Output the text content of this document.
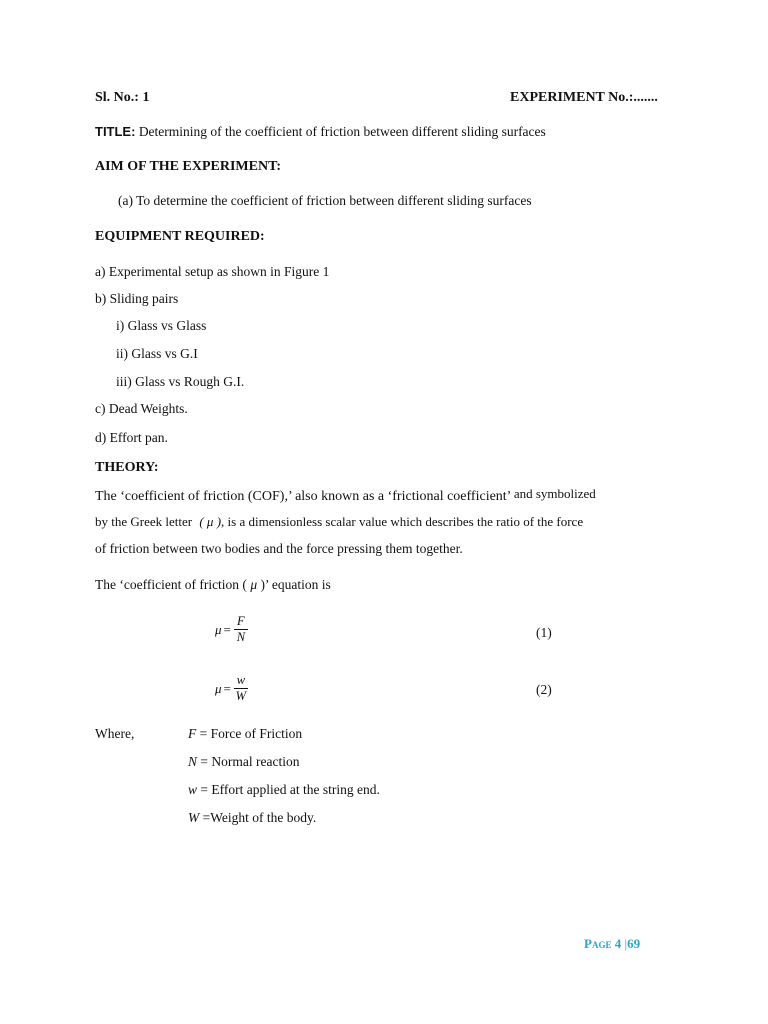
Sl. No.: 1	EXPERIMENT No.:.......
TITLE: Determining of the coefficient of friction between different sliding surfaces
AIM OF THE EXPERIMENT:
(a) To determine the coefficient of friction between different sliding surfaces
EQUIPMENT REQUIRED:
a) Experimental setup as shown in Figure 1
b) Sliding pairs
i) Glass vs Glass
ii) Glass vs G.I
iii) Glass vs Rough G.I.
c) Dead Weights.
d) Effort pan.
THEORY:
The ‘coefficient of friction (COF),’ also known as a ‘frictional coefficient’ and symbolized
by the Greek letter ( μ ), is a dimensionless scalar value which describes the ratio of the force
of friction between two bodies and the force pressing them together.
The ‘coefficient of friction ( μ )’ equation is
μ =
F
N	(1)
μ =
w
W	(2)
Where,	F = Force of Friction
N = Normal reaction
w = Effort applied at the string end.
W =Weight of the body.
Page 4 |69
